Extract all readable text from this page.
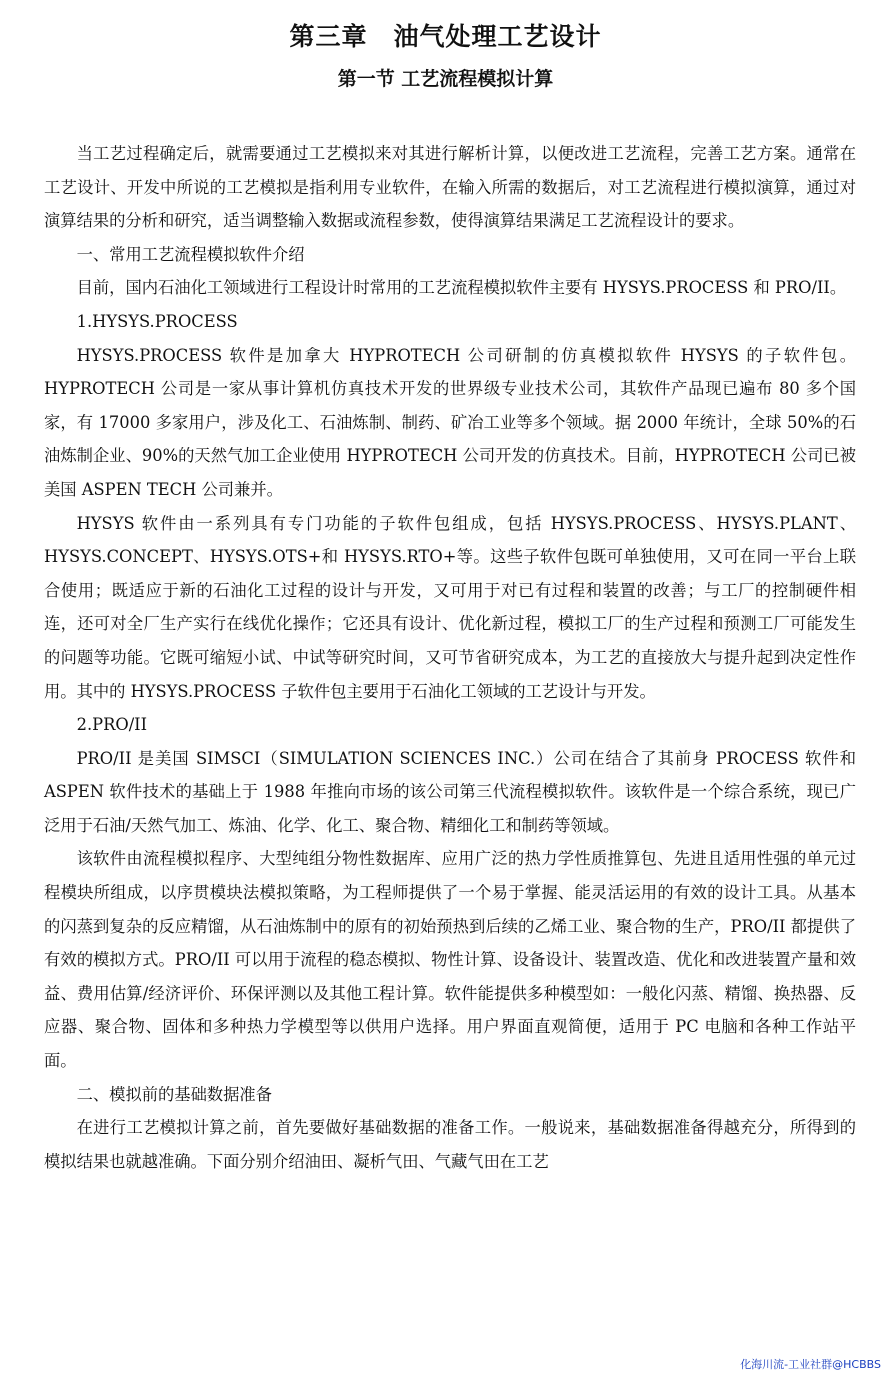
第三章　油气处理工艺设计
第一节 工艺流程模拟计算

当工艺过程确定后，就需要通过工艺模拟来对其进行解析计算，以便改进工艺流程，完善工艺方案。通常在工艺设计、开发中所说的工艺模拟是指利用专业软件，在输入所需的数据后，对工艺流程进行模拟演算，通过对演算结果的分析和研究，适当调整输入数据或流程参数，使得演算结果满足工艺流程设计的要求。

一、常用工艺流程模拟软件介绍

目前，国内石油化工领域进行工程设计时常用的工艺流程模拟软件主要有 HYSYS.PROCESS 和 PRO/II。

1.HYSYS.PROCESS

HYSYS.PROCESS 软件是加拿大 HYPROTECH 公司研制的仿真模拟软件 HYSYS 的子软件包。HYPROTECH 公司是一家从事计算机仿真技术开发的世界级专业技术公司，其软件产品现已遍布 80 多个国家，有 17000 多家用户，涉及化工、石油炼制、制药、矿冶工业等多个领域。据 2000 年统计，全球 50%的石油炼制企业、90%的天然气加工企业使用 HYPROTECH 公司开发的仿真技术。目前，HYPROTECH 公司已被美国 ASPEN TECH 公司兼并。

HYSYS 软件由一系列具有专门功能的子软件包组成，包括 HYSYS.PROCESS、HYSYS.PLANT、HYSYS.CONCEPT、HYSYS.OTS+和 HYSYS.RTO+等。这些子软件包既可单独使用，又可在同一平台上联合使用；既适应于新的石油化工过程的设计与开发，又可用于对已有过程和装置的改善；与工厂的控制硬件相连，还可对全厂生产实行在线优化操作；它还具有设计、优化新过程，模拟工厂的生产过程和预测工厂可能发生的问题等功能。它既可缩短小试、中试等研究时间，又可节省研究成本，为工艺的直接放大与提升起到决定性作用。其中的 HYSYS.PROCESS 子软件包主要用于石油化工领域的工艺设计与开发。

2.PRO/II

PRO/II 是美国 SIMSCI（SIMULATION SCIENCES INC.）公司在结合了其前身 PROCESS 软件和 ASPEN 软件技术的基础上于 1988 年推向市场的该公司第三代流程模拟软件。该软件是一个综合系统，现已广泛用于石油/天然气加工、炼油、化学、化工、聚合物、精细化工和制药等领域。

该软件由流程模拟程序、大型纯组分物性数据库、应用广泛的热力学性质推算包、先进且适用性强的单元过程模块所组成，以序贯模块法模拟策略，为工程师提供了一个易于掌握、能灵活运用的有效的设计工具。从基本的闪蒸到复杂的反应精馏，从石油炼制中的原有的初始预热到后续的乙烯工业、聚合物的生产，PRO/II 都提供了有效的模拟方式。PRO/II 可以用于流程的稳态模拟、物性计算、设备设计、装置改造、优化和改进装置产量和效益、费用估算/经济评价、环保评测以及其他工程计算。软件能提供多种模型如：一般化闪蒸、精馏、换热器、反应器、聚合物、固体和多种热力学模型等以供用户选择。用户界面直观简便，适用于 PC 电脑和各种工作站平面。

二、模拟前的基础数据准备

在进行工艺模拟计算之前，首先要做好基础数据的准备工作。一般说来，基础数据准备得越充分，所得到的模拟结果也就越准确。下面分别介绍油田、凝析气田、气藏气田在工艺

化海川流-工业社群@HCBBS
